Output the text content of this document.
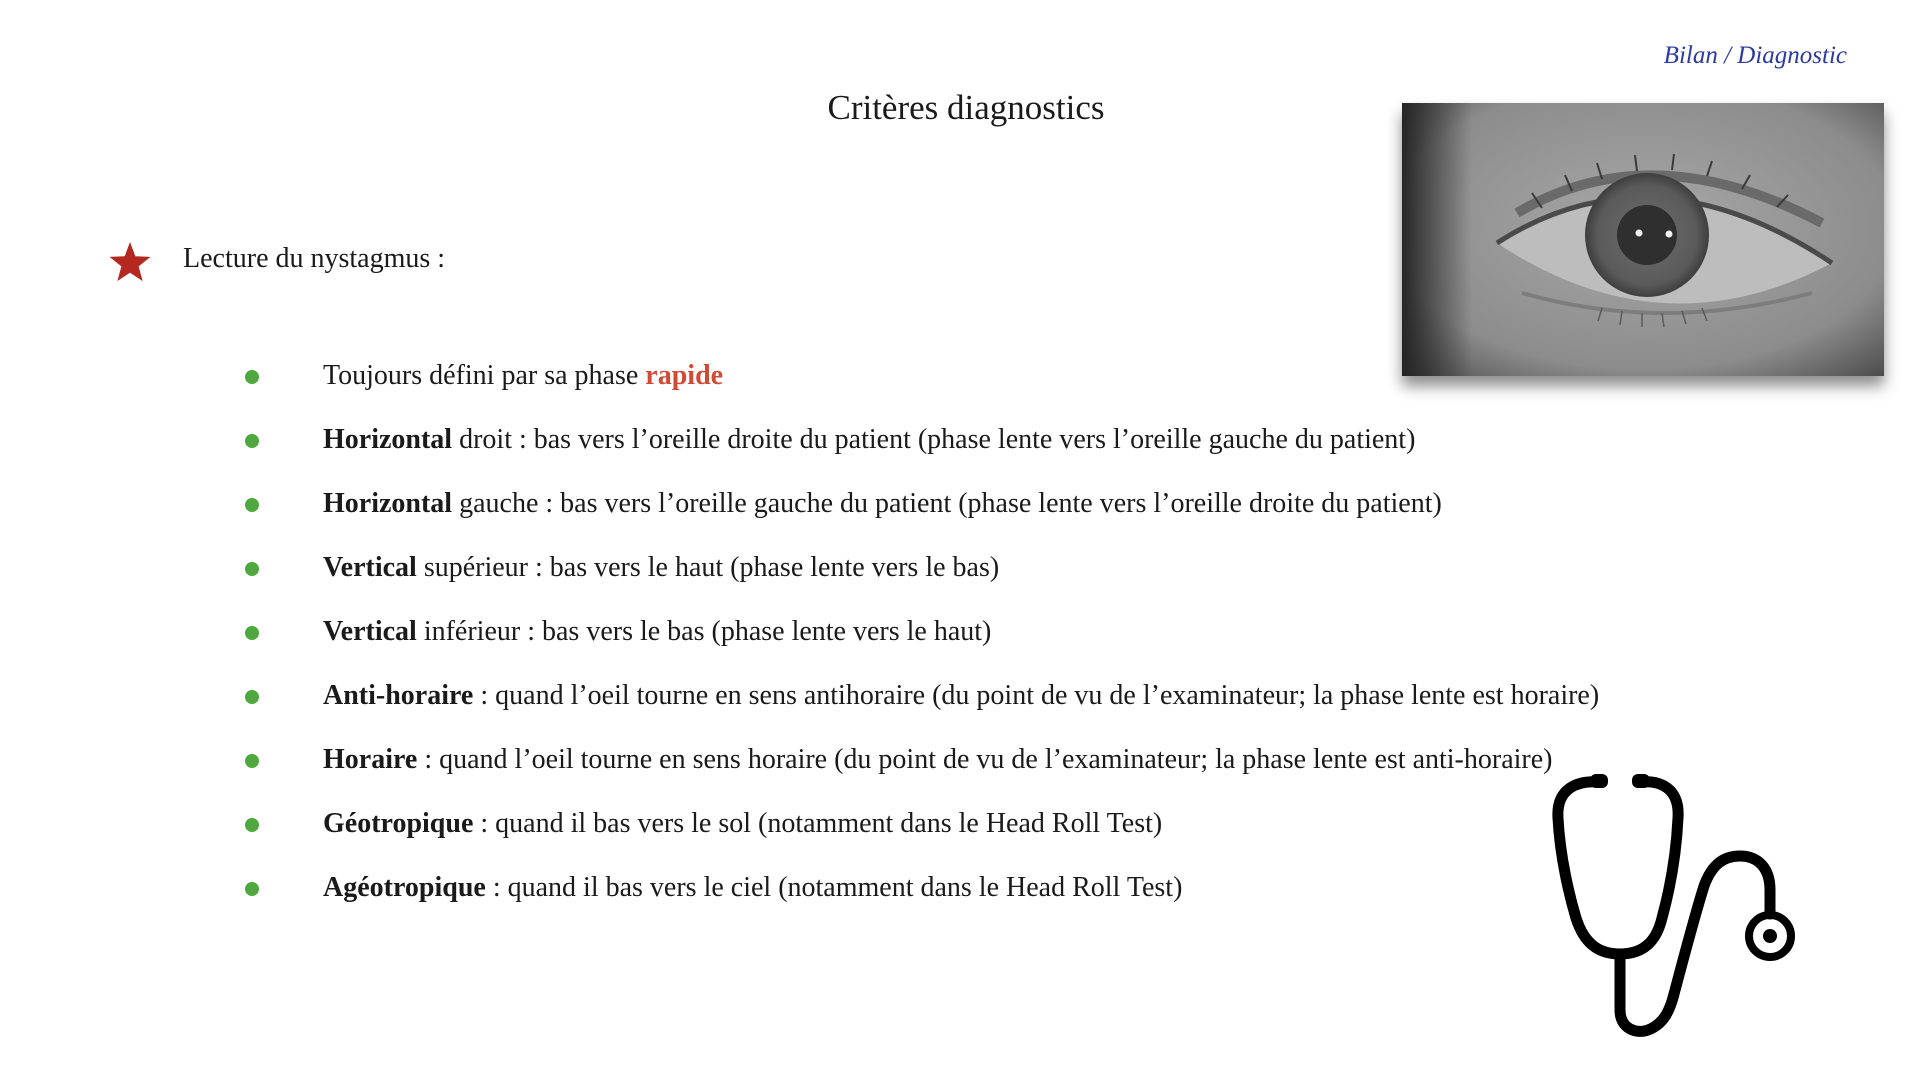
Bilan / Diagnostic
Critères diagnostics
Lecture du nystagmus :
Toujours défini par sa phase rapide
Horizontal droit : bas vers l’oreille droite du patient (phase lente vers l’oreille gauche du patient)
Horizontal gauche : bas vers l’oreille gauche du patient (phase lente vers l’oreille droite du patient)
Vertical supérieur : bas vers le haut (phase lente vers le bas)
Vertical inférieur : bas vers le bas (phase lente vers le haut)
Anti-horaire : quand l’oeil tourne en sens antihoraire (du point de vu de l’examinateur; la phase lente est horaire)
Horaire : quand l’oeil tourne en sens horaire (du point de vu de l’examinateur; la phase lente est anti-horaire)
Géotropique : quand il bas vers le sol (notamment dans le Head Roll Test)
Agéotropique : quand il bas vers le ciel (notamment dans le Head Roll Test)
